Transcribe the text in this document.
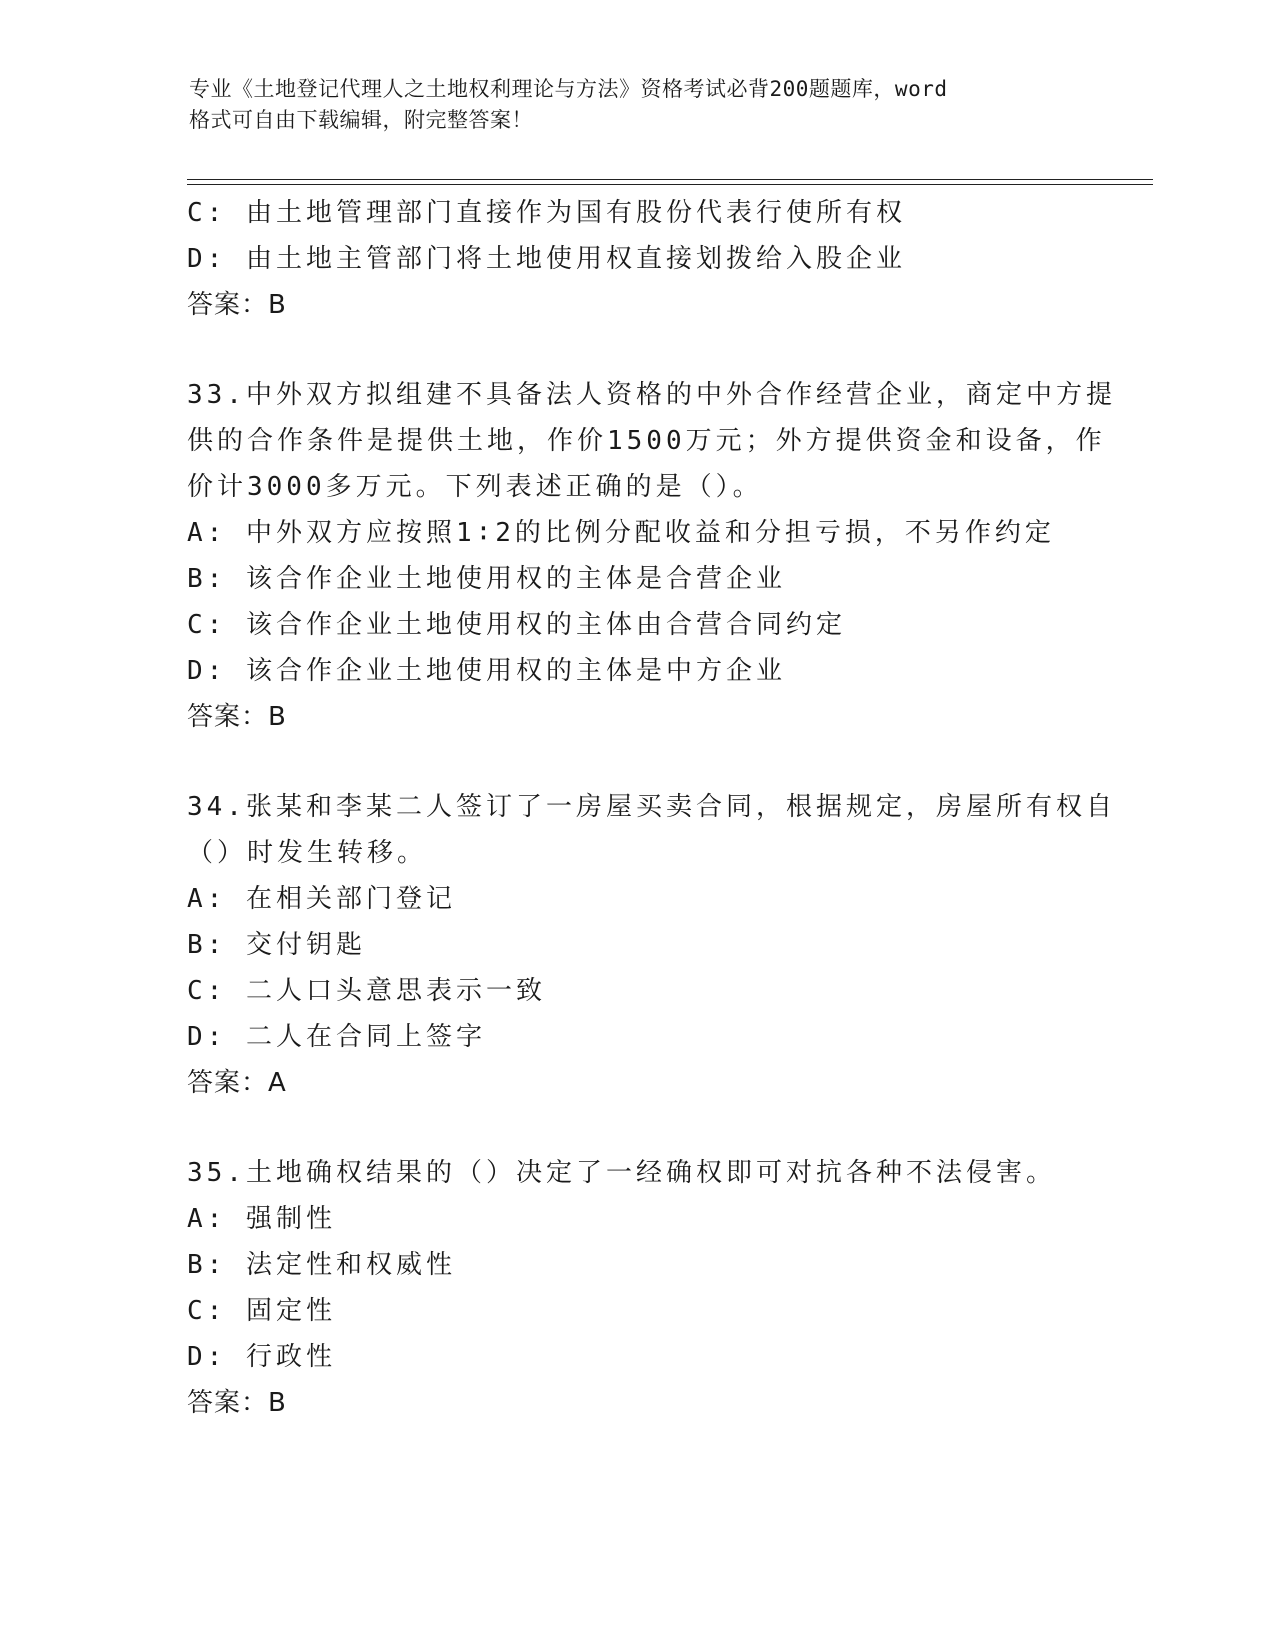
专业《土地登记代理人之土地权利理论与方法》资格考试必背200题题库，word
格式可自由下载编辑，附完整答案！
C: 由土地管理部门直接作为国有股份代表行使所有权
D: 由土地主管部门将土地使用权直接划拨给入股企业
答案：B
33.中外双方拟组建不具备法人资格的中外合作经营企业，商定中方提
供的合作条件是提供土地，作价1500万元；外方提供资金和设备，作
价计3000多万元。下列表述正确的是（）。
A: 中外双方应按照1∶2的比例分配收益和分担亏损，不另作约定
B: 该合作企业土地使用权的主体是合营企业
C: 该合作企业土地使用权的主体由合营合同约定
D: 该合作企业土地使用权的主体是中方企业
答案：B
34.张某和李某二人签订了一房屋买卖合同，根据规定，房屋所有权自
（）时发生转移。
A: 在相关部门登记
B: 交付钥匙
C: 二人口头意思表示一致
D: 二人在合同上签字
答案：A
35.土地确权结果的（）决定了一经确权即可对抗各种不法侵害。
A: 强制性
B: 法定性和权威性
C: 固定性
D: 行政性
答案：B
